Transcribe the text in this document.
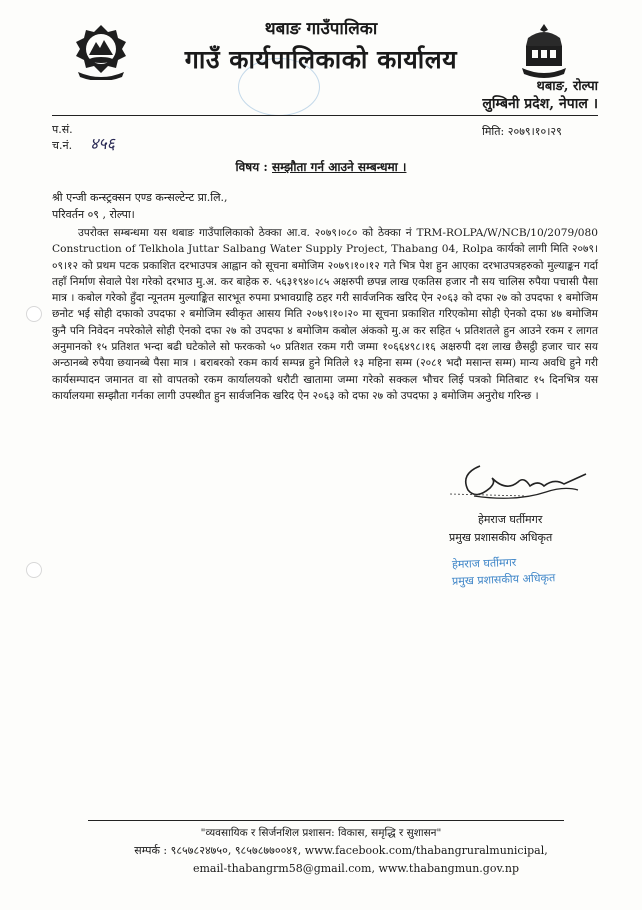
थबाङ गाउँपालिका
गाउँ कार्यपालिकाको कार्यालय
थबाङ, रोल्पा
लुम्बिनी प्रदेश, नेपाल ।
प.सं.
च.नं. ४५६
मिति: २०७९।१०।२९
विषय : सम्झौता गर्न आउने सम्बन्धमा ।
श्री एन्जी कन्स्ट्रक्सन एण्ड कन्सल्टेन्ट प्रा.लि.,
परिवर्तन ०९ , रोल्पा।
उपरोक्त सम्बन्धमा यस थबाङ गाउँपालिकाको ठेक्का आ.व. २०७९।०८० को ठेक्का नं TRM-ROLPA/W/NCB/10/2079/080 Construction of Telkhola Juttar Salbang Water Supply Project, Thabang 04, Rolpa कार्यको लागी मिति २०७९।०९।१२ को प्रथम पटक प्रकाशित दरभाउपत्र आह्वान को सूचना बमोजिम २०७९।१०।१२ गते भित्र पेश हुन आएका दरभाउपत्रहरुको मुल्याङ्कन गर्दा तहाँ निर्माण सेवाले पेश गरेको दरभाउ मु.अ. कर बाहेक रु. ५६३१९४०।८५ अक्षरुपी छपन्न लाख एकतिस हजार नौ सय चालिस रुपैया पचासी पैसा मात्र । कबोल गरेको हुँदा न्यूनतम मुल्याङ्कित सारभूत रुपमा प्रभावग्राहि ठहर गरी सार्वजनिक खरिद ऐन २०६३ को दफा २७ को उपदफा १ बमोजिम छनोट भई सोही दफाको उपदफा २ बमोजिम स्वीकृत आसय मिति २०७९।१०।२० मा सूचना प्रकाशित गरिएकोमा सोही ऐनको दफा ४७ बमोजिम कुनै पनि निवेदन नपरेकोले सोही ऐनको दफा २७ को उपदफा ४ बमोजिम कबोल अंकको मु.अ कर सहित ५ प्रतिशतले हुन आउने रकम र लागत अनुमानको १५ प्रतिशत भन्दा बढी घटेकोले सो फरकको ५० प्रतिशत रकम गरी जम्मा १०६६४९८।१६ अक्षरुपी दश लाख छैसट्ठी हजार चार सय अन्ठानब्बे रुपैया छयानब्बे पैसा मात्र । बराबरको रकम कार्य सम्पन्न हुने मितिले १३ महिना सम्म (२०८१ भदौ मसान्त सम्म) मान्य अवधि हुने गरी कार्यसम्पादन जमानत वा सो वापतको रकम कार्यालयको धरौटी खातामा जम्मा गरेको सक्कल भौचर लिई पत्रको मितिबाट १५ दिनभित्र यस कार्यालयमा सम्झौता गर्नका लागी उपस्थीत हुन सार्वजनिक खरिद ऐन २०६३ को दफा २७ को उपदफा ३ बमोजिम अनुरोध गरिन्छ ।
हेमराज घर्तीमगर
प्रमुख प्रशासकीय अधिकृत
हेमराज घर्तीमगर
प्रमुख प्रशासकीय अधिकृत
"व्यवसायिक र सिर्जनशिल प्रशासन: विकास, समृद्धि र सुशासन"
सम्पर्क : ९८५७८२४७५०, ९८५७८७७००४१, www.facebook.com/thabangruralmunicipal,
email-thabangrm58@gmail.com, www.thabangmun.gov.np
